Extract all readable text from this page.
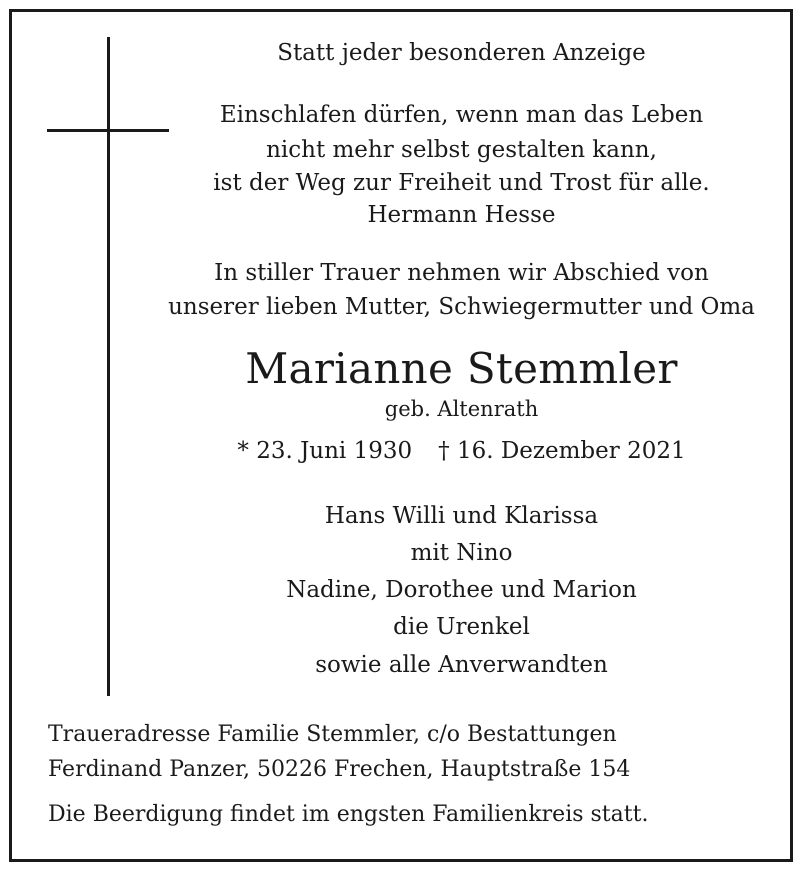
Statt jeder besonderen Anzeige
Einschlafen dürfen, wenn man das Leben
nicht mehr selbst gestalten kann,
ist der Weg zur Freiheit und Trost für alle.
Hermann Hesse
In stiller Trauer nehmen wir Abschied von
unserer lieben Mutter, Schwiegermutter und Oma
Marianne Stemmler
geb. Altenrath
* 23. Juni 1930 † 16. Dezember 2021
Hans Willi und Klarissa
mit Nino
Nadine, Dorothee und Marion
die Urenkel
sowie alle Anverwandten
Traueradresse Familie Stemmler, c/o Bestattungen
Ferdinand Panzer, 50226 Frechen, Hauptstraße 154
Die Beerdigung findet im engsten Familienkreis statt.
